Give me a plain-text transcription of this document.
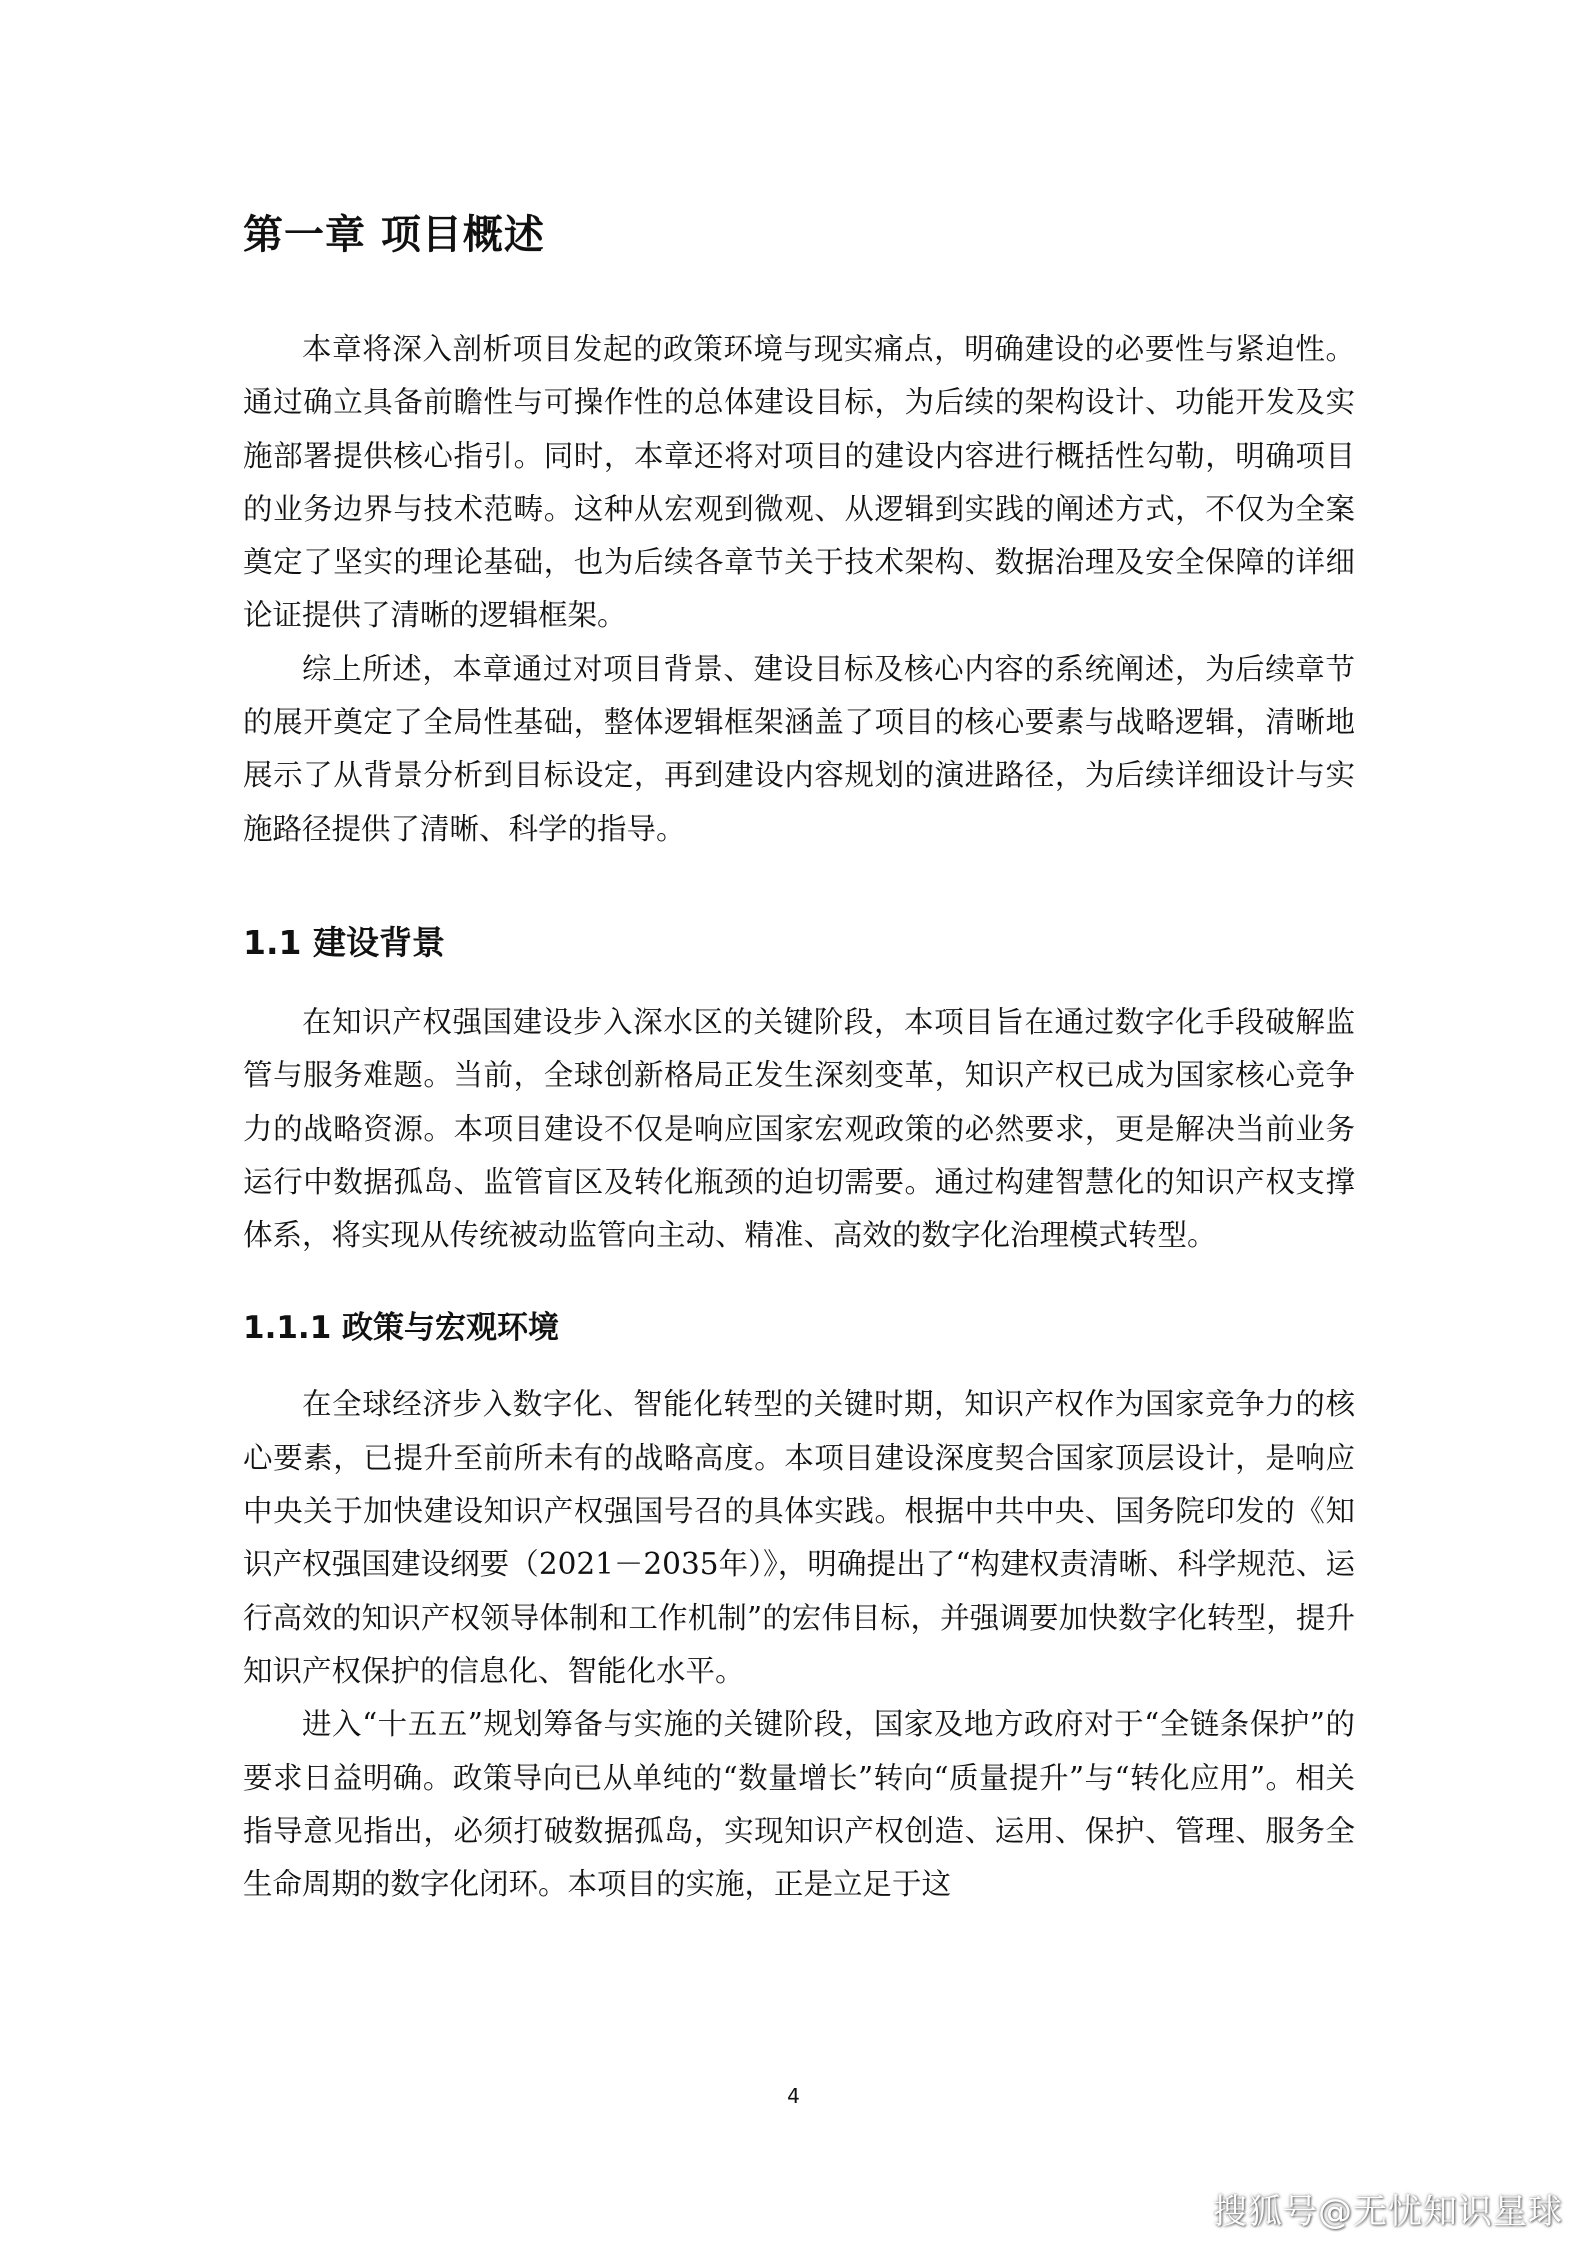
第一章 项目概述

本章将深入剖析项目发起的政策环境与现实痛点，明确建设的必要性与紧迫性。通过确立具备前瞻性与可操作性的总体建设目标，为后续的架构设计、功能开发及实施部署提供核心指引。同时，本章还将对项目的建设内容进行概括性勾勒，明确项目的业务边界与技术范畴。这种从宏观到微观、从逻辑到实践的阐述方式，不仅为全案奠定了坚实的理论基础，也为后续各章节关于技术架构、数据治理及安全保障的详细论证提供了清晰的逻辑框架。

综上所述，本章通过对项目背景、建设目标及核心内容的系统阐述，为后续章节的展开奠定了全局性基础，整体逻辑框架涵盖了项目的核心要素与战略逻辑，清晰地展示了从背景分析到目标设定，再到建设内容规划的演进路径，为后续详细设计与实施路径提供了清晰、科学的指导。

1.1 建设背景

在知识产权强国建设步入深水区的关键阶段，本项目旨在通过数字化手段破解监管与服务难题。当前，全球创新格局正发生深刻变革，知识产权已成为国家核心竞争力的战略资源。本项目建设不仅是响应国家宏观政策的必然要求，更是解决当前业务运行中数据孤岛、监管盲区及转化瓶颈的迫切需要。通过构建智慧化的知识产权支撑体系，将实现从传统被动监管向主动、精准、高效的数字化治理模式转型。

1.1.1 政策与宏观环境

在全球经济步入数字化、智能化转型的关键时期，知识产权作为国家竞争力的核心要素，已提升至前所未有的战略高度。本项目建设深度契合国家顶层设计，是响应中央关于加快建设知识产权强国号召的具体实践。根据中共中央、国务院印发的《知识产权强国建设纲要（2021－2035年）》，明确提出了“构建权责清晰、科学规范、运行高效的知识产权领导体制和工作机制”的宏伟目标，并强调要加快数字化转型，提升知识产权保护的信息化、智能化水平。

进入“十五五”规划筹备与实施的关键阶段，国家及地方政府对于“全链条保护”的要求日益明确。政策导向已从单纯的“数量增长”转向“质量提升”与“转化应用”。相关指导意见指出，必须打破数据孤岛，实现知识产权创造、运用、保护、管理、服务全生命周期的数字化闭环。本项目的实施，正是立足于这

4
搜狐号@无忧知识星球
